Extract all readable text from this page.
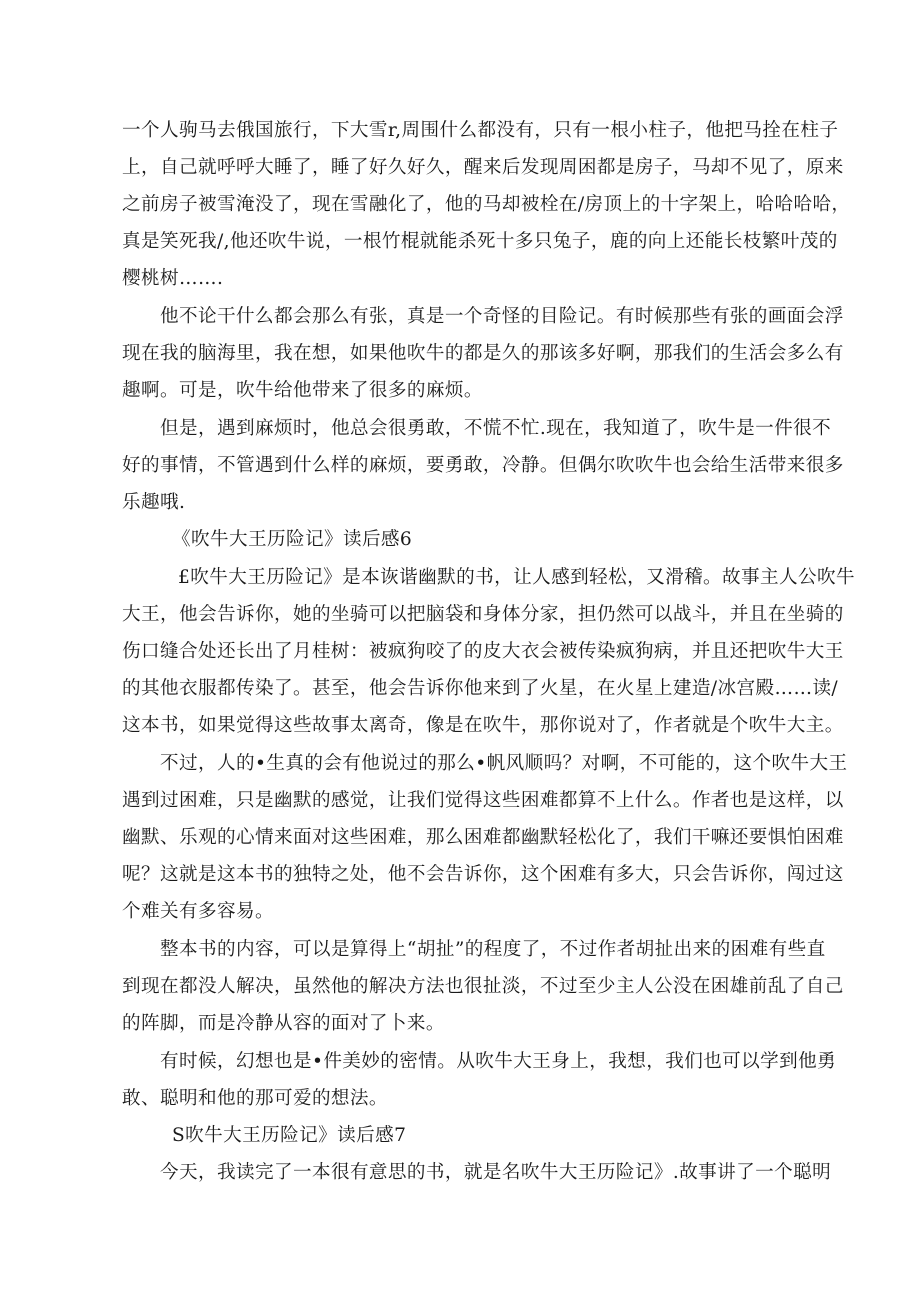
一个人驹马去俄国旅行，下大雪r,周围什么都没有，只有一根小柱子，他把马拴在柱子
上，自己就呼呼大睡了，睡了好久好久，醒来后发现周困都是房子，马却不见了，原来
之前房子被雪淹没了，现在雪融化了，他的马却被栓在/房顶上的十字架上，哈哈哈哈，
真是笑死我/,他还吹牛说，一根竹棍就能杀死十多只兔子，鹿的向上还能长枝繁叶茂的
樱桃树…….
他不论干什么都会那么有张，真是一个奇怪的目险记。有时候那些有张的画面会浮
现在我的脑海里，我在想，如果他吹牛的都是久的那该多好啊，那我们的生活会多么有
趣啊。可是，吹牛给他带来了很多的麻烦。
但是，遇到麻烦时，他总会很勇敢，不慌不忙.现在，我知道了，吹牛是一件很不
好的事情，不管遇到什么样的麻烦，要勇敢，冷静。但偶尔吹吹牛也会给生活带来很多
乐趣哦.
《吹牛大王历险记》读后感6
£吹牛大王历险记》是本诙谐幽默的书，让人感到轻松，又滑稽。故事主人公吹牛
大王，他会告诉你，她的坐骑可以把脑袋和身体分家，担仍然可以战斗，并且在坐骑的
伤口缝合处还长出了月桂树：被疯狗咬了的皮大衣会被传染疯狗病，并且还把吹牛大王
的其他衣服都传染了。甚至，他会告诉你他来到了火星，在火星上建造/冰宫殿……读/
这本书，如果觉得这些故事太离奇，像是在吹牛，那你说对了，作者就是个吹牛大主。
不过，人的•生真的会有他说过的那么•帆风顺吗？对啊，不可能的，这个吹牛大王
遇到过困难，只是幽默的感觉，让我们觉得这些困难都算不上什么。作者也是这样，以
幽默、乐观的心情来面对这些困难，那么困难都幽默轻松化了，我们干嘛还要惧怕困难
呢？这就是这本书的独特之处，他不会告诉你，这个困难有多大，只会告诉你，闯过这
个难关有多容易。
整本书的内容，可以是算得上“胡扯”的程度了，不过作者胡扯出来的困难有些直
到现在都没人解决，虽然他的解决方法也很扯淡，不过至少主人公没在困雄前乱了自己
的阵脚，而是冷静从容的面对了卜来。
有时候，幻想也是•件美妙的密情。从吹牛大王身上，我想，我们也可以学到他勇
敢、聪明和他的那可爱的想法。
S吹牛大王历险记》读后感7
今天，我读完了一本很有意思的书，就是名吹牛大王历险记》.故事讲了一个聪明
